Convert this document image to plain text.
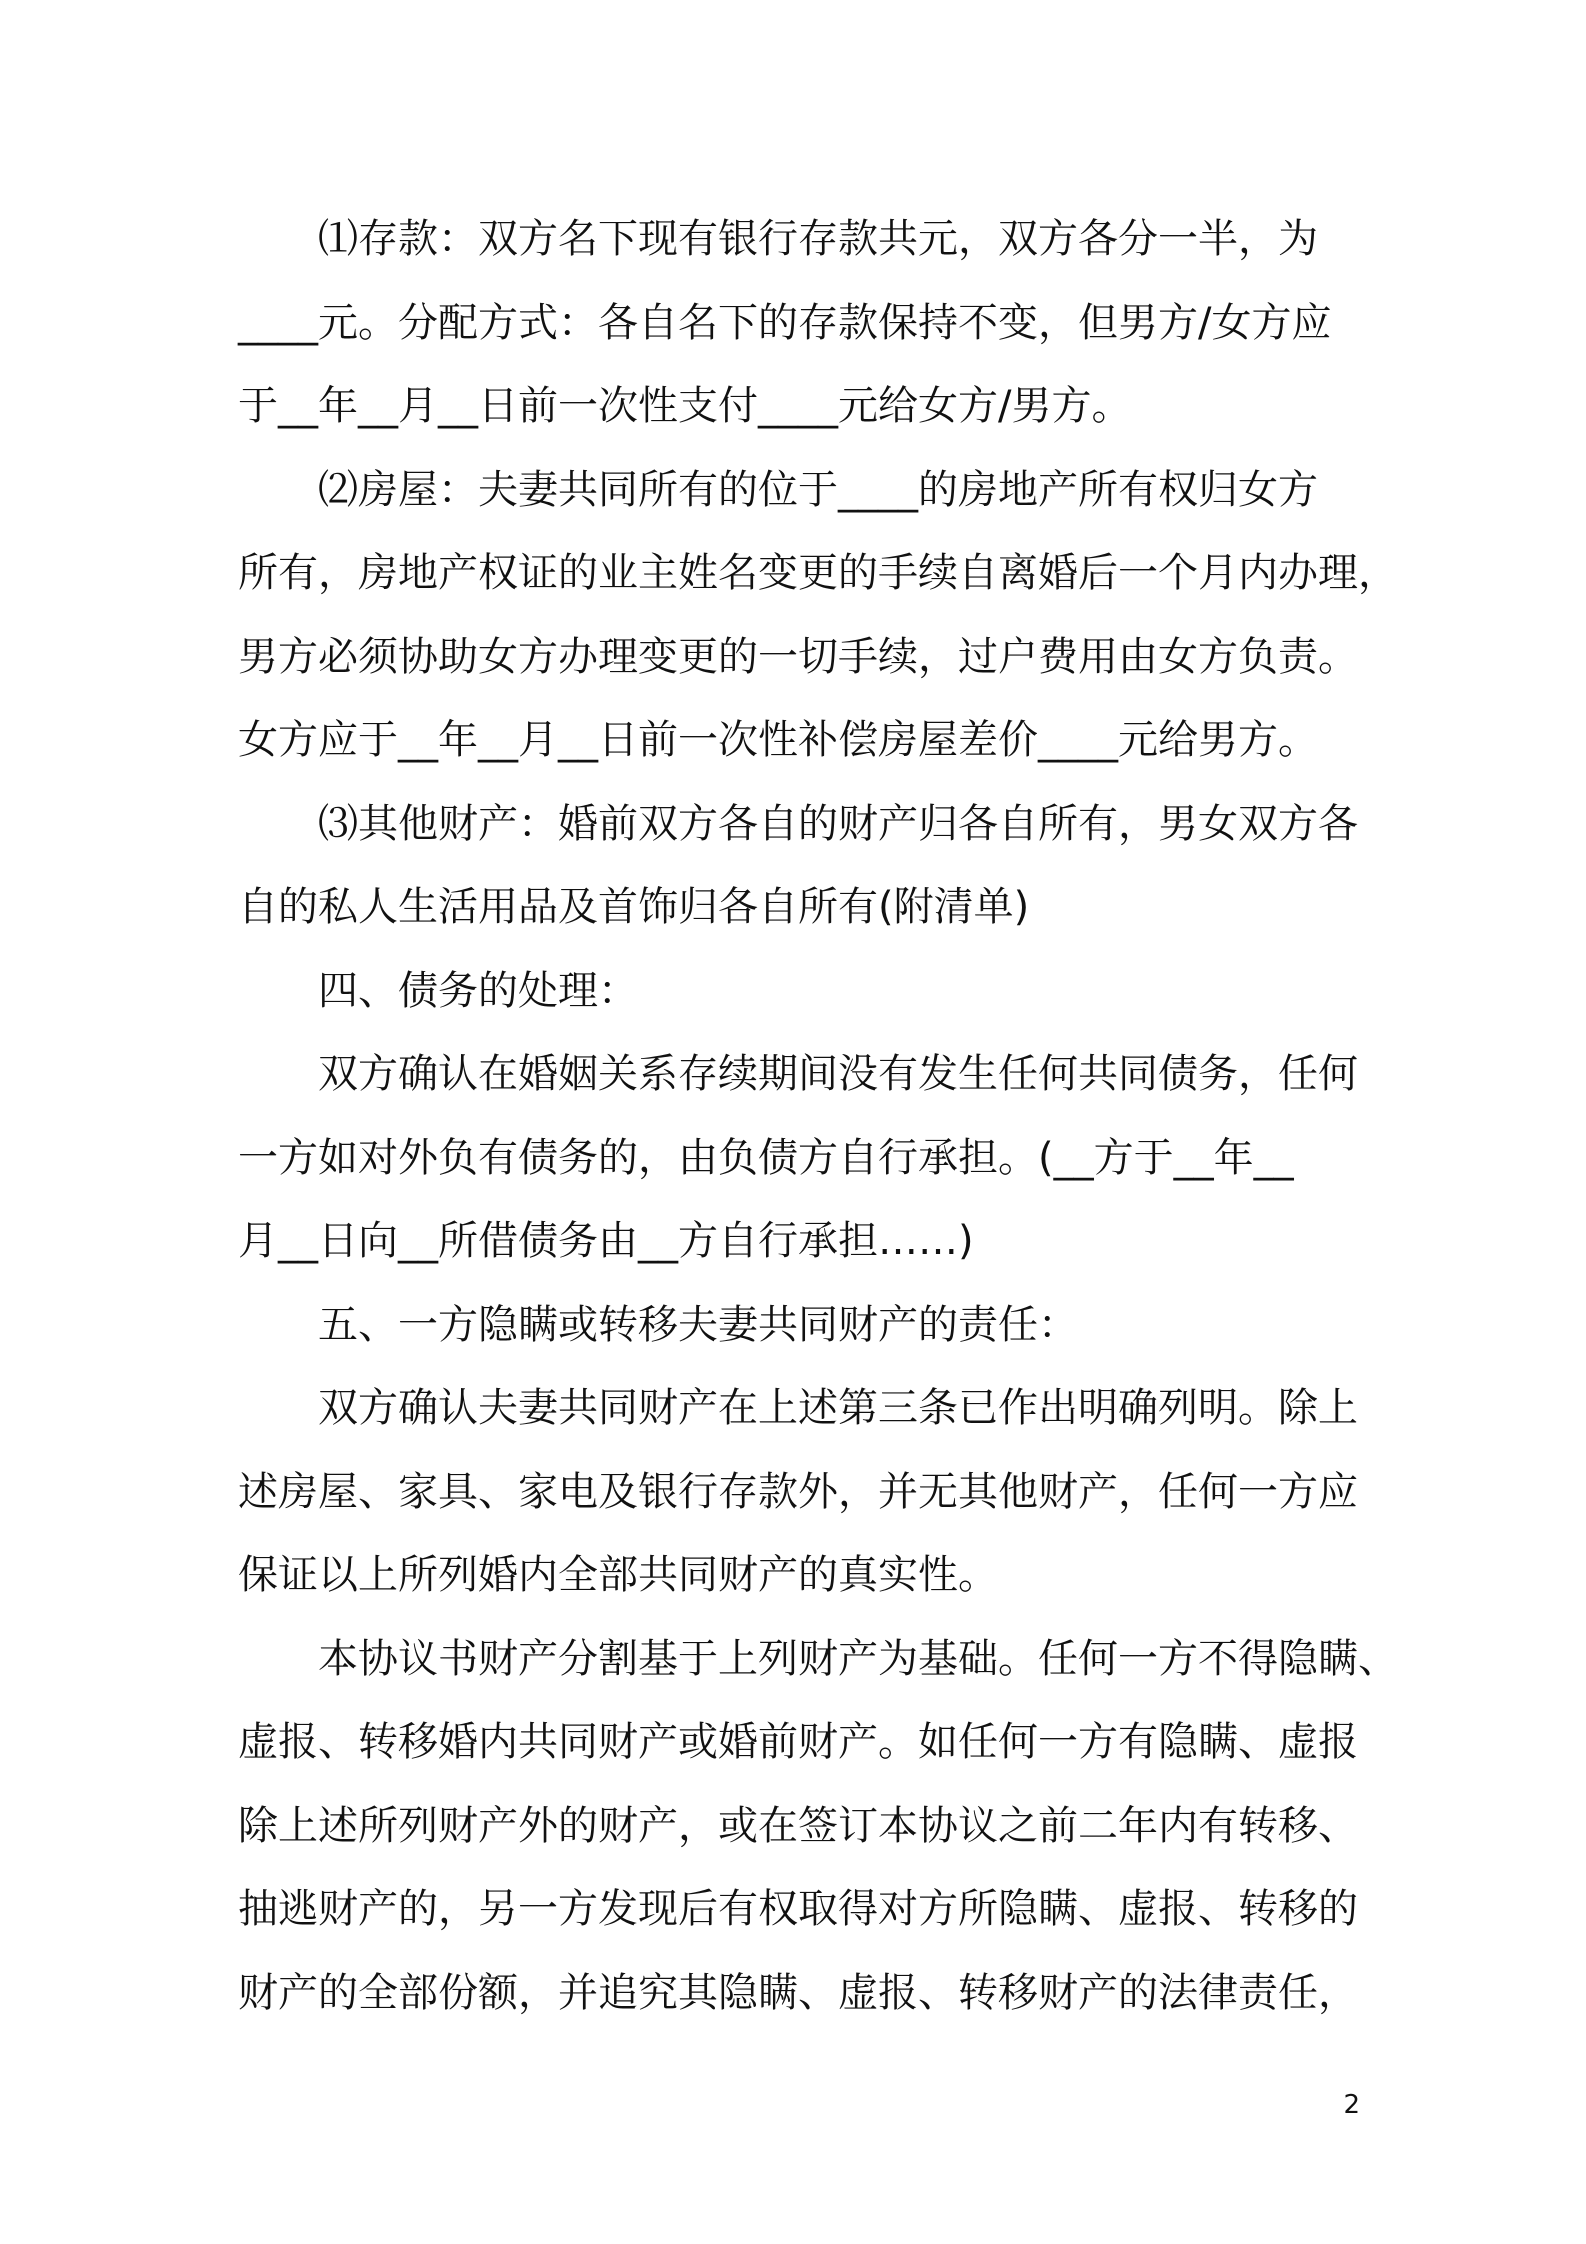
⑴存款：双方名下现有银行存款共元，双方各分一半，为
____元。分配方式：各自名下的存款保持不变，但男方/女方应
于__年__月__日前一次性支付____元给女方/男方。
⑵房屋：夫妻共同所有的位于____的房地产所有权归女方
所有，房地产权证的业主姓名变更的手续自离婚后一个月内办理，
男方必须协助女方办理变更的一切手续，过户费用由女方负责。
女方应于__年__月__日前一次性补偿房屋差价____元给男方。
⑶其他财产：婚前双方各自的财产归各自所有，男女双方各
自的私人生活用品及首饰归各自所有(附清单)
四、债务的处理：
双方确认在婚姻关系存续期间没有发生任何共同债务，任何
一方如对外负有债务的，由负债方自行承担。(__方于__年__
月__日向__所借债务由__方自行承担……)
五、一方隐瞒或转移夫妻共同财产的责任：
双方确认夫妻共同财产在上述第三条已作出明确列明。除上
述房屋、家具、家电及银行存款外，并无其他财产，任何一方应
保证以上所列婚内全部共同财产的真实性。
本协议书财产分割基于上列财产为基础。任何一方不得隐瞒、
虚报、转移婚内共同财产或婚前财产。如任何一方有隐瞒、虚报
除上述所列财产外的财产，或在签订本协议之前二年内有转移、
抽逃财产的，另一方发现后有权取得对方所隐瞒、虚报、转移的
财产的全部份额，并追究其隐瞒、虚报、转移财产的法律责任，
2
